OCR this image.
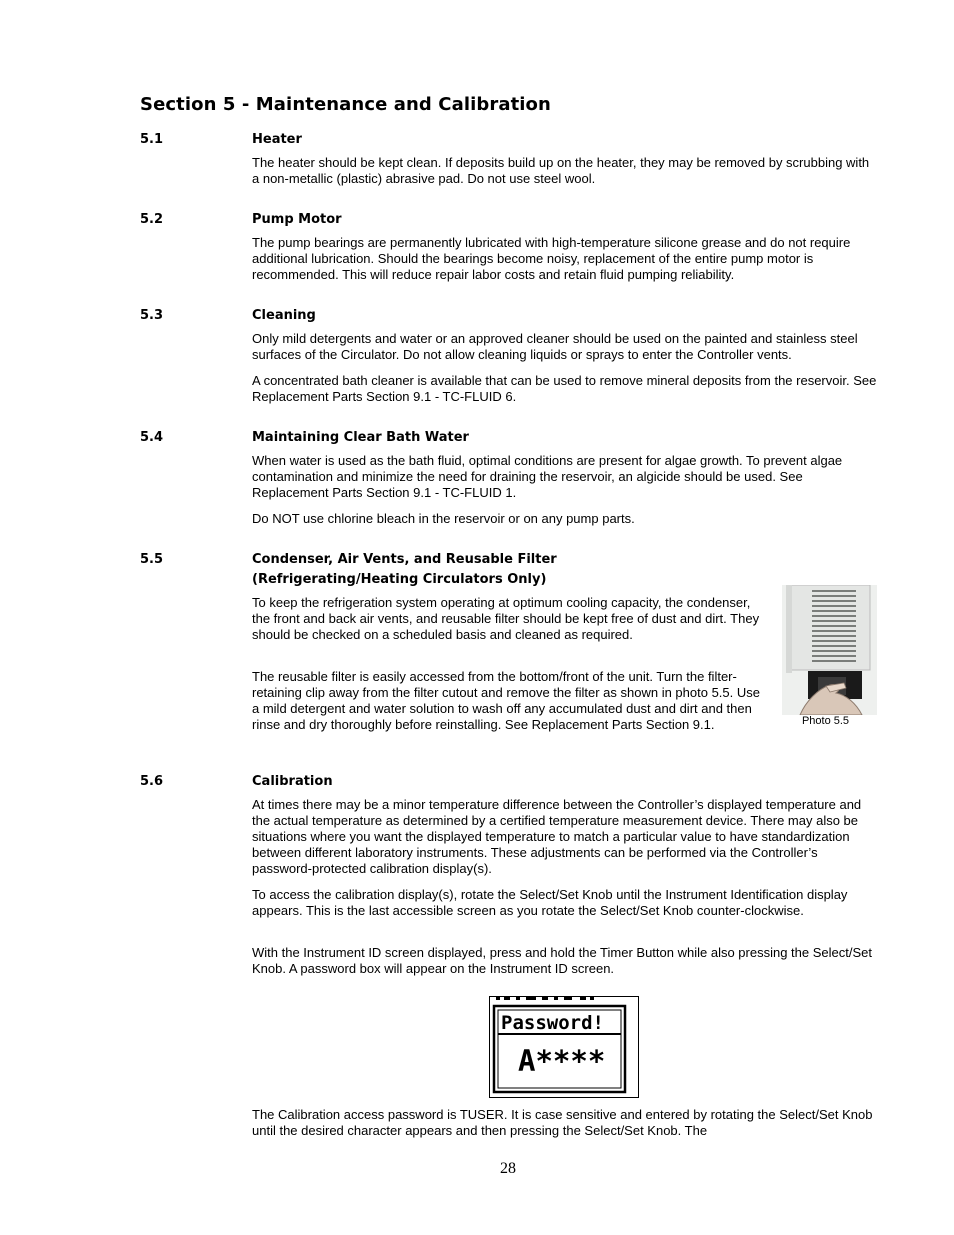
Section 5 - Maintenance and Calibration
5.1	Heater

The heater should be kept clean. If deposits build up on the heater, they may be removed by scrubbing with a non-metallic (plastic) abrasive pad. Do not use steel wool.

5.2	Pump Motor

The pump bearings are permanently lubricated with high-temperature silicone grease and do not require additional lubrication. Should the bearings become noisy, replacement of the entire pump motor is recommended. This will reduce repair labor costs and retain fluid pumping reliability.

5.3	Cleaning

Only mild detergents and water or an approved cleaner should be used on the painted and stainless steel surfaces of the Circulator. Do not allow cleaning liquids or sprays to enter the Controller vents.

A concentrated bath cleaner is available that can be used to remove mineral deposits from the reservoir. See Replacement Parts Section 9.1 - TC-FLUID 6.

5.4	Maintaining Clear Bath Water

When water is used as the bath fluid, optimal conditions are present for algae growth. To prevent algae contamination and minimize the need for draining the reservoir, an algicide should be used. See Replacement Parts Section 9.1 - TC-FLUID 1.

Do NOT use chlorine bleach in the reservoir or on any pump parts.

5.5	Condenser, Air Vents, and Reusable Filter
(Refrigerating/Heating Circulators Only)

To keep the refrigeration system operating at optimum cooling capacity, the condenser, the front and back air vents, and reusable filter should be kept free of dust and dirt. They should be checked on a scheduled basis and cleaned as required.

The reusable filter is easily accessed from the bottom/front of the unit. Turn the filter-retaining clip away from the filter cutout and remove the filter as shown in photo 5.5. Use a mild detergent and water solution to wash off any accumulated dust and dirt and then rinse and dry thoroughly before reinstalling. See Replacement Parts Section 9.1.	Photo 5.5
5.6	Calibration

At times there may be a minor temperature difference between the Controller’s displayed temperature and the actual temperature as determined by a certified temperature measurement device. There may also be situations where you want the displayed temperature to match a particular value to have standardization between different laboratory instruments. These adjustments can be performed via the Controller’s password-protected calibration display(s).

To access the calibration display(s), rotate the Select/Set Knob until the Instrument Identification display appears. This is the last accessible screen as you rotate the Select/Set Knob counter-clockwise.

With the Instrument ID screen displayed, press and hold the Timer Button while also pressing the Select/Set Knob. A password box will appear on the Instrument ID screen.

Password!
A****

The Calibration access password is TUSER. It is case sensitive and entered by rotating the Select/Set Knob until the desired character appears and then pressing the Select/Set Knob. The

28
